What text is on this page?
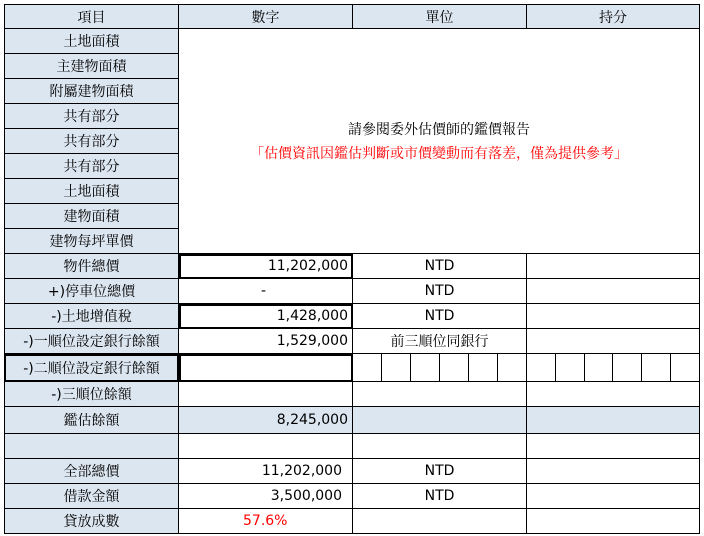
項目	數字	單位	持分
土地面積
主建物面積
附屬建物面積
共有部分
共有部分
共有部分
土地面積
建物面積
建物每坪單價
請參閱委外估價師的鑑價報告
「估價資訊因鑑估判斷或市價變動而有落差，僅為提供參考」
物件總價	11,202,000	NTD
+)停車位總價	-	NTD
-)土地增值稅	1,428,000	NTD
-)一順位設定銀行餘額	1,529,000	前三順位同銀行
-)二順位設定銀行餘額
-)三順位餘額
鑑估餘額	8,245,000
全部總價	11,202,000	NTD
借款金額	3,500,000	NTD
貸放成數	57.6%
